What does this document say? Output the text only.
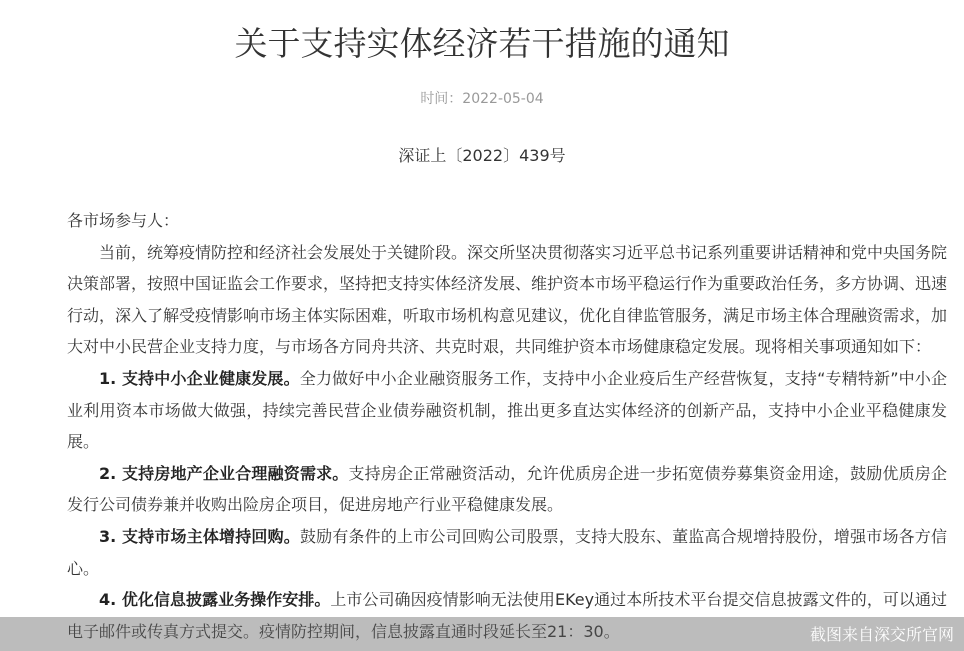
关于支持实体经济若干措施的通知
时间：2022-05-04
深证上〔2022〕439号

各市场参与人：

当前，统筹疫情防控和经济社会发展处于关键阶段。深交所坚决贯彻落实习近平总书记系列重要讲话精神和党中央国务院决策部署，按照中国证监会工作要求，坚持把支持实体经济发展、维护资本市场平稳运行作为重要政治任务，多方协调、迅速行动，深入了解受疫情影响市场主体实际困难，听取市场机构意见建议，优化自律监管服务，满足市场主体合理融资需求，加大对中小民营企业支持力度，与市场各方同舟共济、共克时艰，共同维护资本市场健康稳定发展。现将相关事项通知如下：

1. 支持中小企业健康发展。全力做好中小企业融资服务工作，支持中小企业疫后生产经营恢复，支持“专精特新”中小企业利用资本市场做大做强，持续完善民营企业债券融资机制，推出更多直达实体经济的创新产品，支持中小企业平稳健康发展。

2. 支持房地产企业合理融资需求。支持房企正常融资活动，允许优质房企进一步拓宽债券募集资金用途，鼓励优质房企发行公司债券兼并收购出险房企项目，促进房地产行业平稳健康发展。

3. 支持市场主体增持回购。鼓励有条件的上市公司回购公司股票，支持大股东、董监高合规增持股份，增强市场各方信心。

4. 优化信息披露业务操作安排。上市公司确因疫情影响无法使用EKey通过本所技术平台提交信息披露文件的，可以通过电子邮件或传真方式提交。疫情防控期间，信息披露直通时段延长至21：30。	截图来自深交所官网
